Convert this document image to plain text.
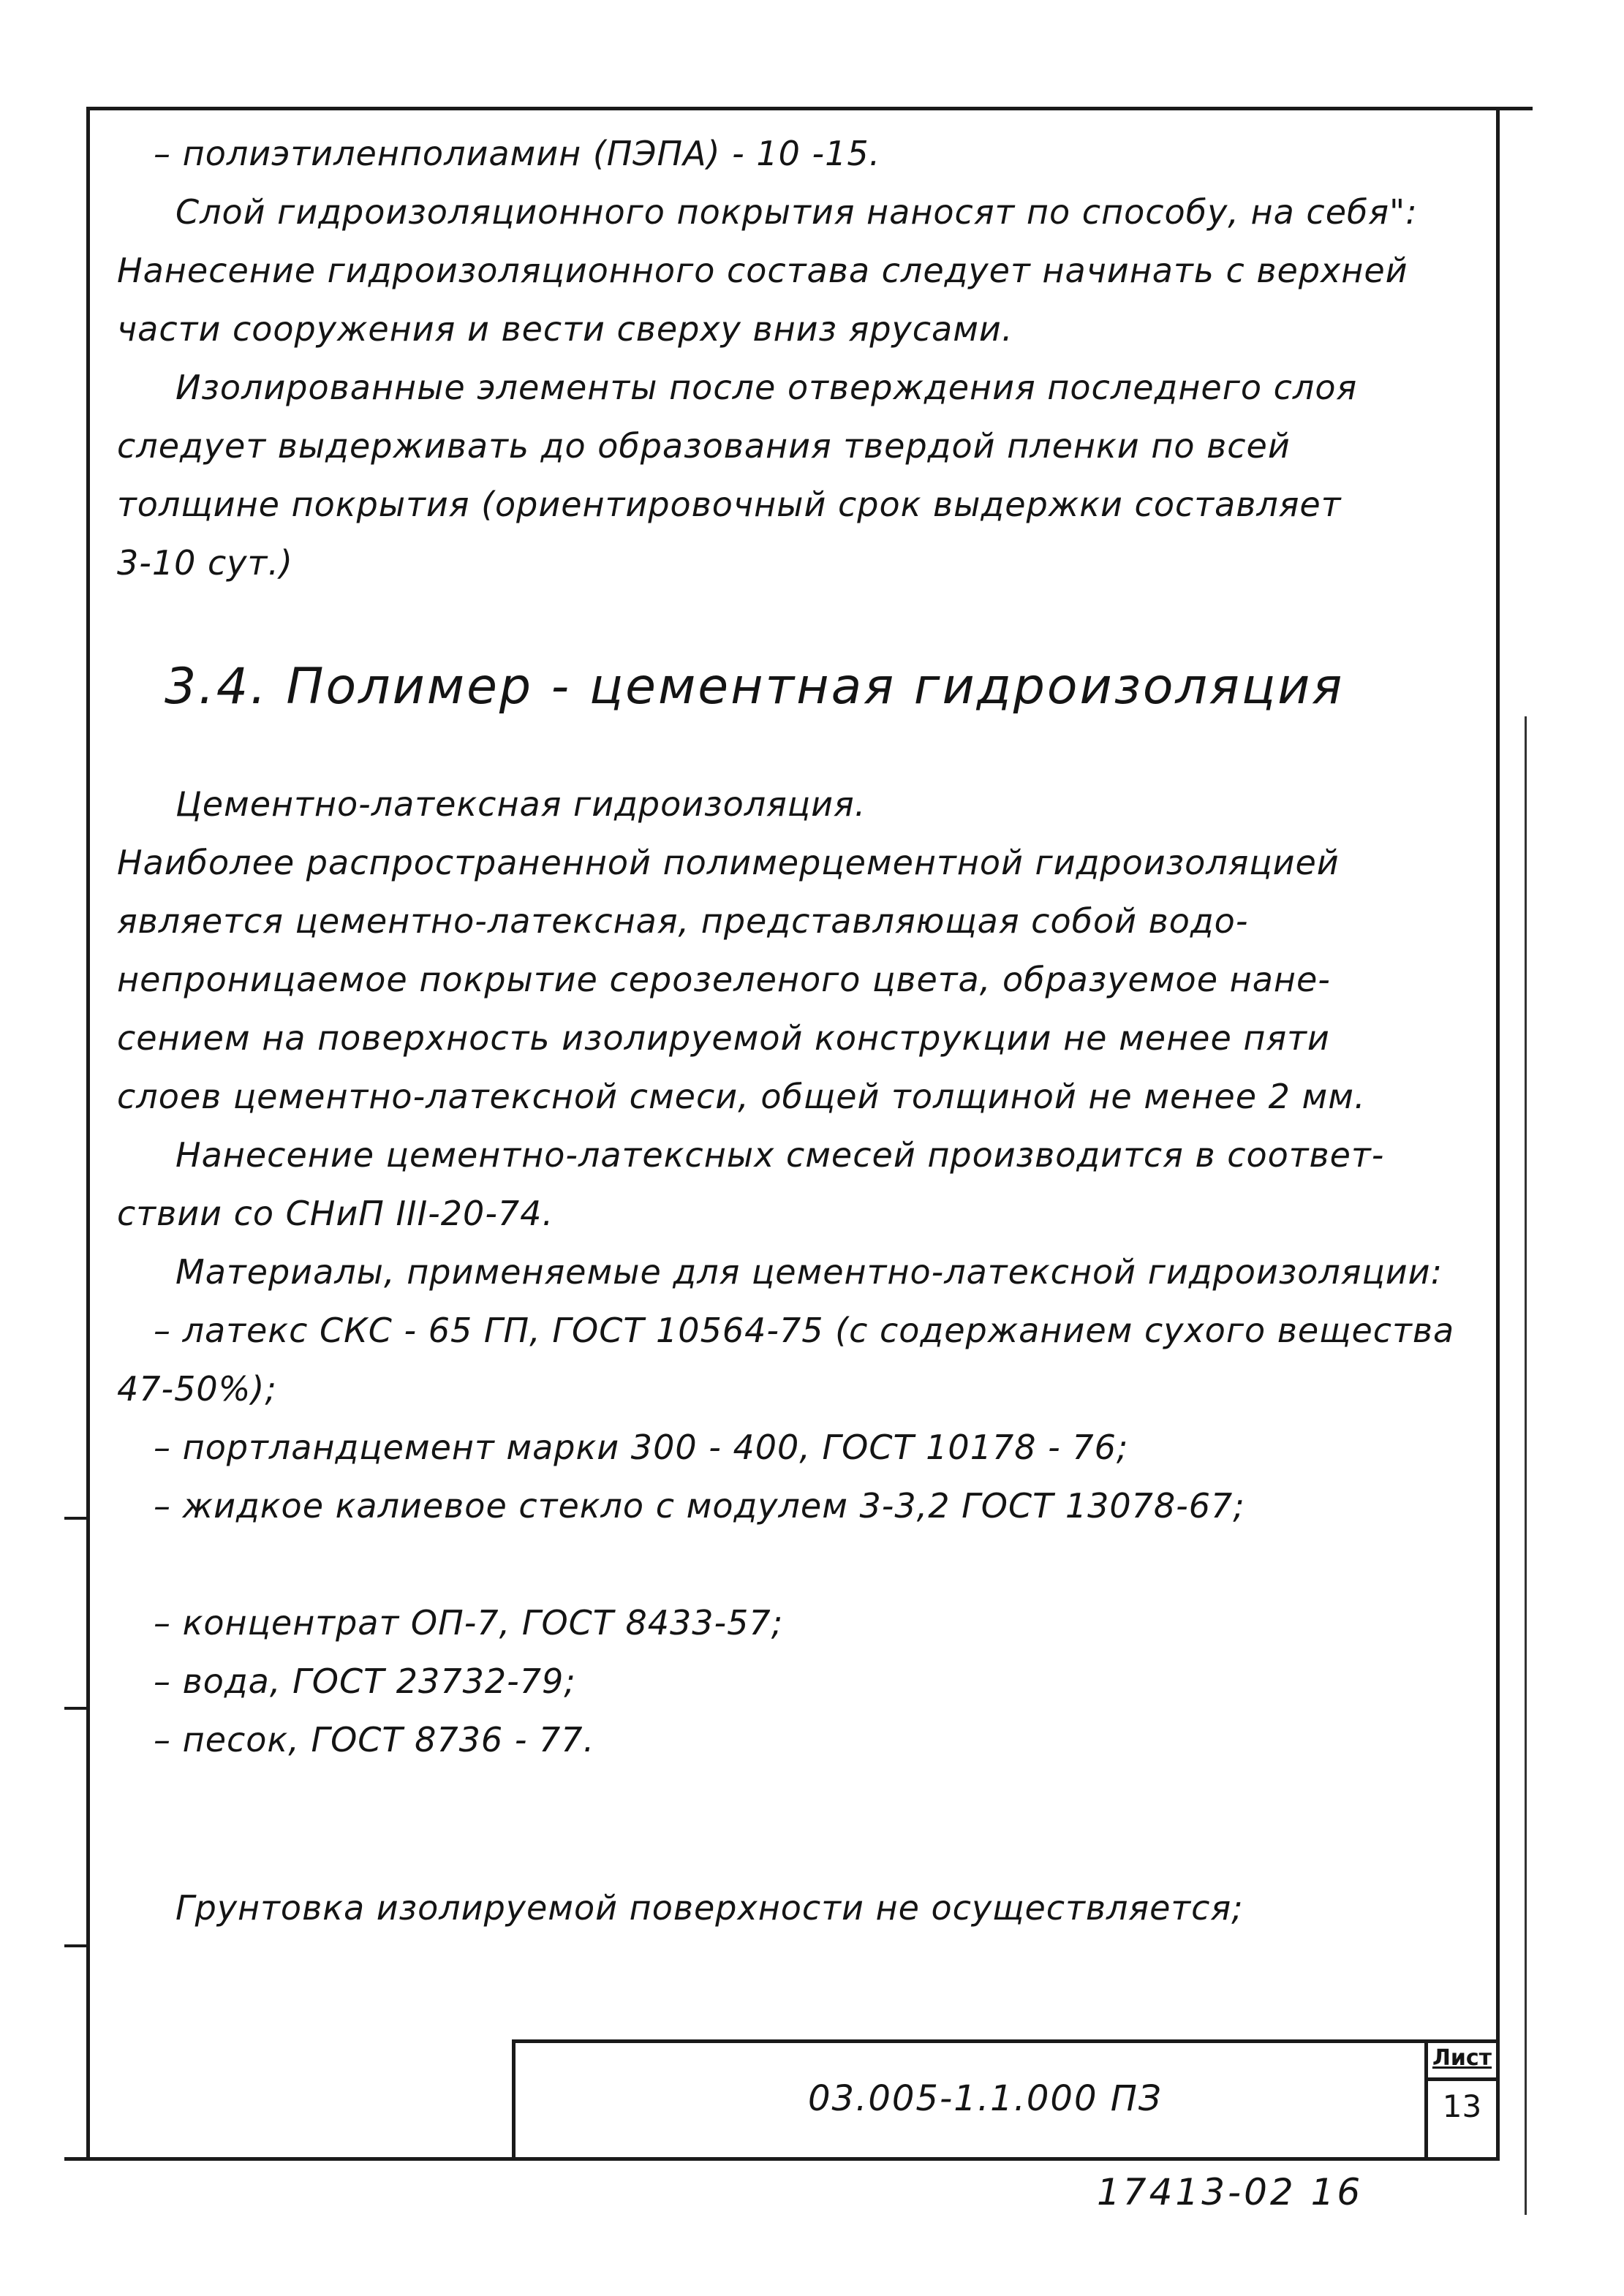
– полиэтиленполиамин (ПЭПА) - 10 -15.

Слой гидроизоляционного покрытия наносят по способу, на себя":

Нанесение гидроизоляционного состава следует начинать с верхней

части сооружения и вести сверху вниз ярусами.

Изолированные элементы после отверждения последнего слоя

следует выдерживать до образования твердой пленки по всей

толщине покрытия (ориентировочный срок выдержки составляет

3-10 сут.)

3.4. Полимер - цементная гидроизоляция

Цементно-латексная гидроизоляция.

Наиболее распространенной полимерцементной гидроизоляцией

является цементно-латексная, представляющая собой водо-

непроницаемое покрытие серозеленого цвета, образуемое нане-

сением на поверхность изолируемой конструкции не менее пяти

слоев цементно-латексной смеси, общей толщиной не менее 2 мм.

Нанесение цементно-латексных смесей производится в соответ-

ствии со СНиП III-20-74.

Материалы, применяемые для цементно-латексной гидроизоляции:

– латекс СКС - 65 ГП, ГОСТ 10564-75 (с содержанием сухого вещества

47-50%);

– портландцемент марки 300 - 400, ГОСТ 10178 - 76;

– жидкое калиевое стекло с модулем 3-3,2 ГОСТ 13078-67;

– концентрат ОП-7, ГОСТ 8433-57;

– вода, ГОСТ 23732-79;

– песок, ГОСТ 8736 - 77.

Грунтовка изолируемой поверхности не осуществляется;

03.005-1.1.000 ПЗ
Лист
13
17413-02 16
